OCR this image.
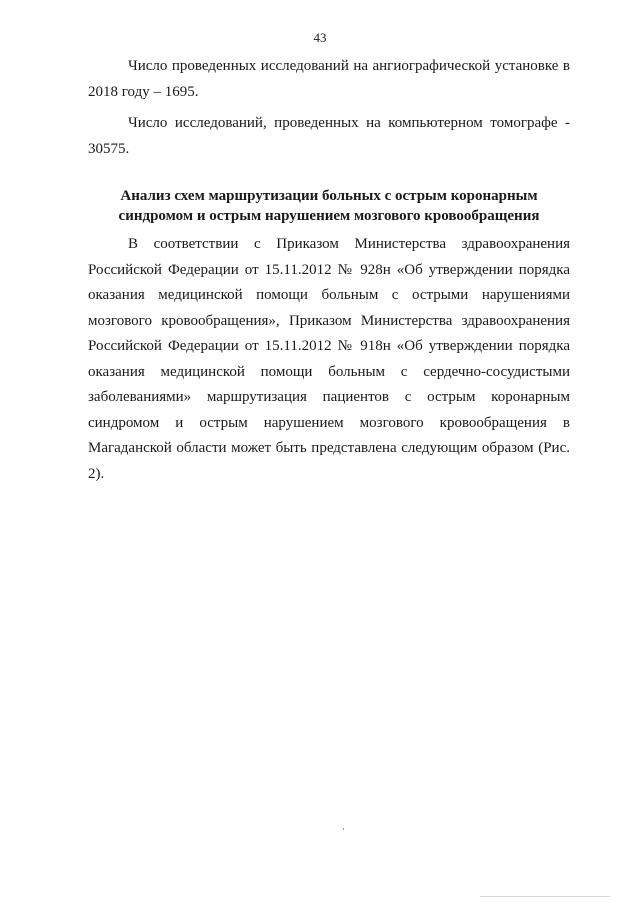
43

Число проведенных исследований на ангиографической установке в 2018 году – 1695.

Число исследований, проведенных на компьютерном томографе - 30575.

Анализ схем маршрутизации больных с острым коронарным
синдромом и острым нарушением мозгового кровообращения

В соответствии с Приказом Министерства здравоохранения Российской Федерации от 15.11.2012 № 928н «Об утверждении порядка оказания медицинской помощи больным с острыми нарушениями мозгового кровообращения», Приказом Министерства здравоохранения Российской Федерации от 15.11.2012 № 918н «Об утверждении порядка оказания медицинской помощи больным с сердечно-сосудистыми заболеваниями» маршрутизация пациентов с острым коронарным синдромом и острым нарушением мозгового кровообращения в Магаданской области может быть представлена следующим образом (Рис. 2).
